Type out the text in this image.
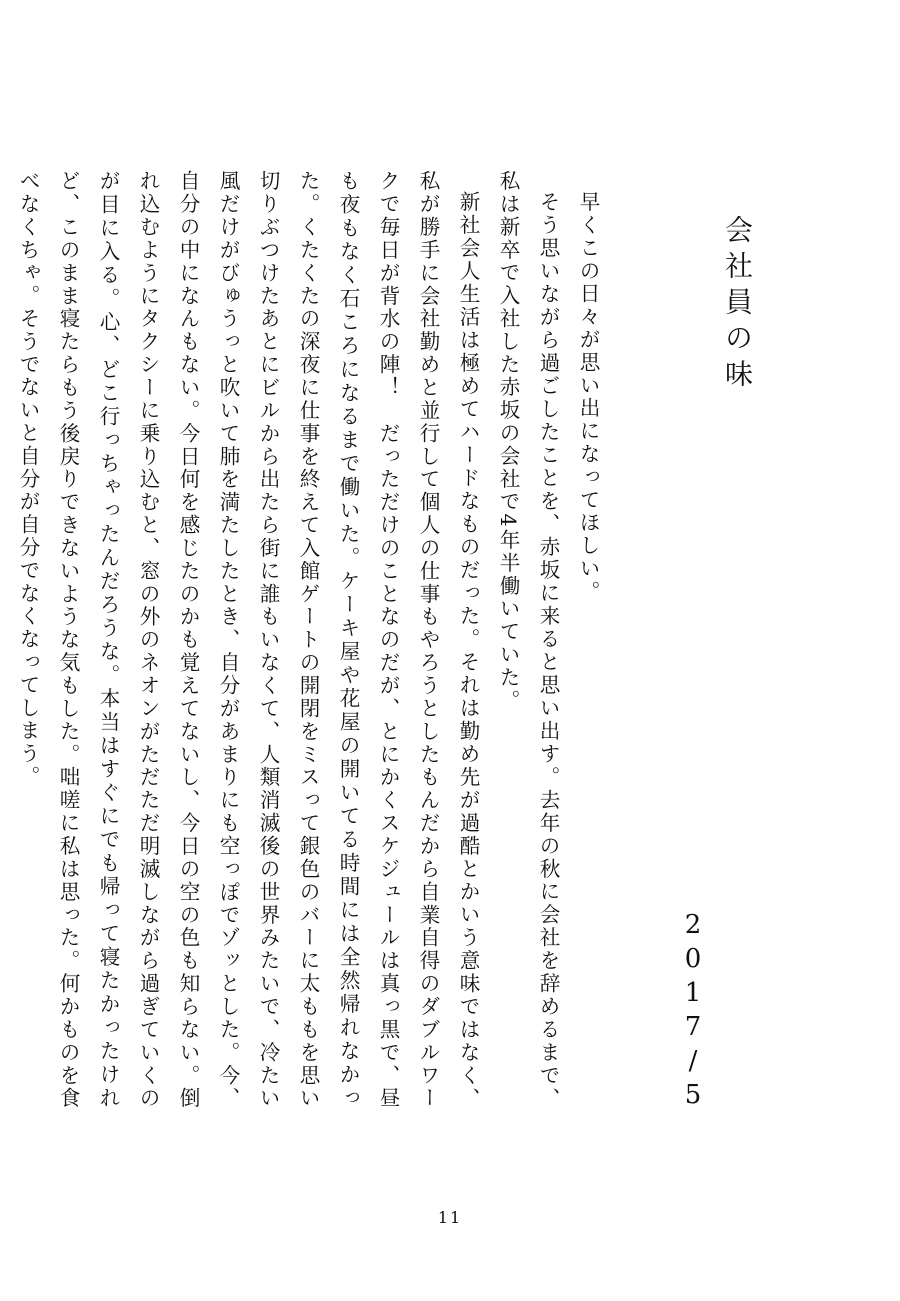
会社員の味
2017/5

早くこの日々が思い出になってほしい。

そう思いながら過ごしたことを、赤坂に来ると思い出す。去年の秋に会社を辞めるまで、私は新卒で入社した赤坂の会社で4年半働いていた。

新社会人生活は極めてハードなものだった。それは勤め先が過酷とかいう意味ではなく、私が勝手に会社勤めと並行して個人の仕事もやろうとしたもんだから自業自得のダブルワークで毎日が背水の陣！　だっただけのことなのだが、とにかくスケジュールは真っ黒で、昼も夜もなく石ころになるまで働いた。ケーキ屋や花屋の開いてる時間には全然帰れなかった。くたくたの深夜に仕事を終えて入館ゲートの開閉をミスって銀色のバーに太ももを思い切りぶつけたあとにビルから出たら街に誰もいなくて、人類消滅後の世界みたいで、冷たい風だけがびゅうっと吹いて肺を満たしたとき、自分があまりにも空っぽでゾッとした。今、自分の中になんもない。今日何を感じたのかも覚えてないし、今日の空の色も知らない。倒れ込むようにタクシーに乗り込むと、窓の外のネオンがただただ明滅しながら過ぎていくのが目に入る。心、どこ行っちゃったんだろうな。本当はすぐにでも帰って寝たかったけれど、このまま寝たらもう後戻りできないような気もした。咄嗟に私は思った。何かものを食べなくちゃ。そうでないと自分が自分でなくなってしまう。

11
